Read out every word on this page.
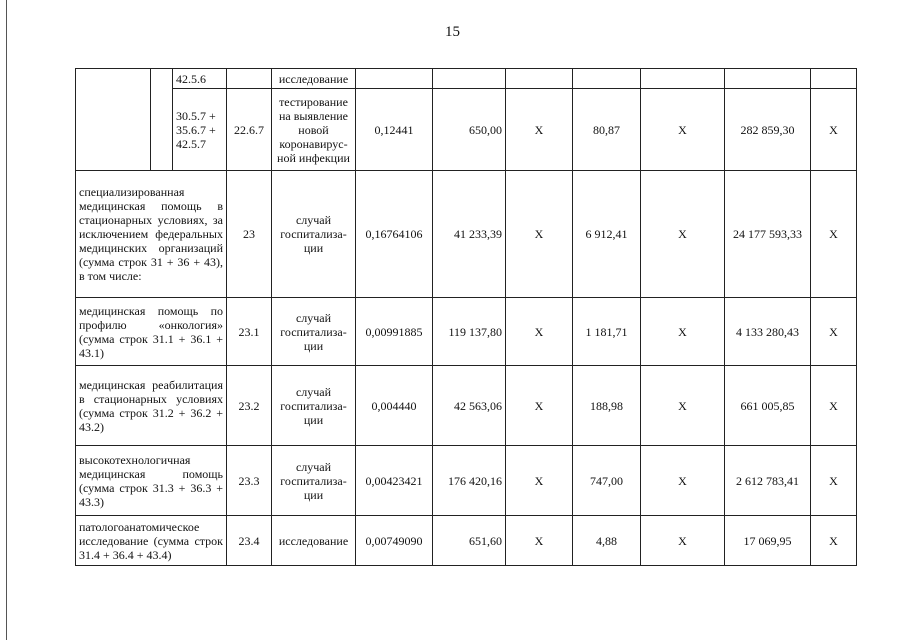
15
		42.5.6		исследование							
		30.5.7 + 35.6.7 + 42.5.7	22.6.7	тестирование на выявление новой коронавирус-ной инфекции	0,12441	650,00	X	80,87	X	282 859,30	X
специализированная медицинская помощь в стационарных условиях, за исключением федеральных медицинских организаций (сумма строк 31 + 36 + 43), в том числе:			23	случай госпитализа-ции	0,16764106	41 233,39	X	6 912,41	X	24 177 593,33	X
медицинская помощь по профилю «онкология» (сумма строк 31.1 + 36.1 + 43.1)			23.1	случай госпитализа-ции	0,00991885	119 137,80	X	1 181,71	X	4 133 280,43	X
медицинская реабилитация в стационарных условиях (сумма строк 31.2 + 36.2 + 43.2)			23.2	случай госпитализа-ции	0,004440	42 563,06	X	188,98	X	661 005,85	X
высокотехнологичная медицинская помощь (сумма строк 31.3 + 36.3 + 43.3)			23.3	случай госпитализа-ции	0,00423421	176 420,16	X	747,00	X	2 612 783,41	X
патологоанатомическое исследование (сумма строк 31.4 + 36.4 + 43.4)			23.4	исследование	0,00749090	651,60	X	4,88	X	17 069,95	X
